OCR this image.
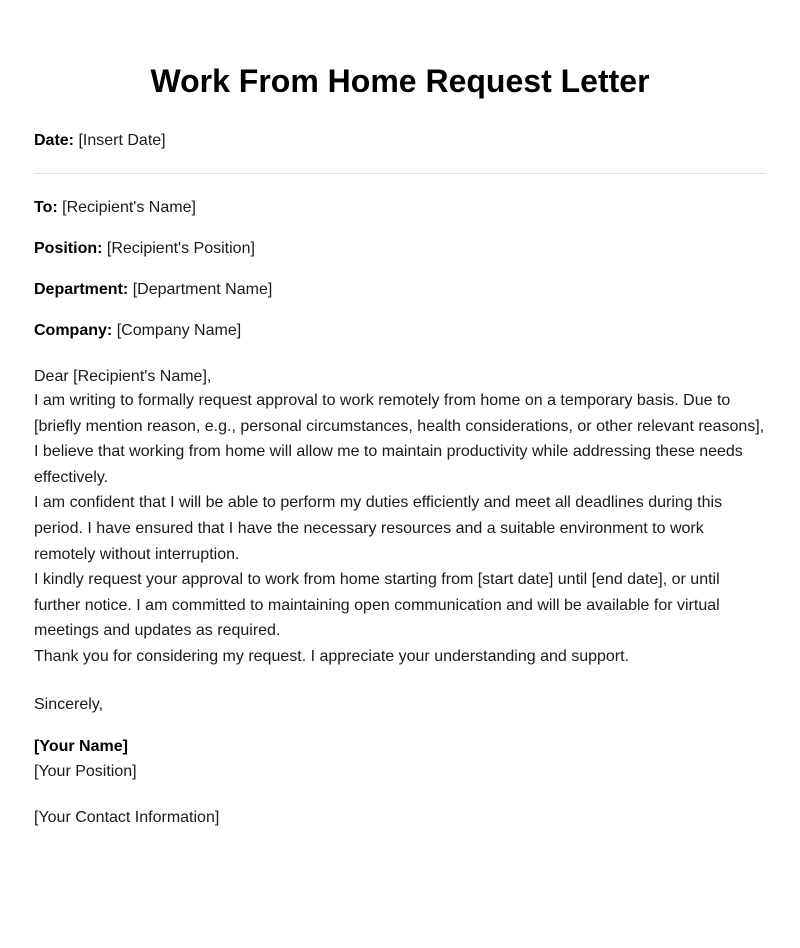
Work From Home Request Letter
Date: [Insert Date]
To: [Recipient's Name]
Position: [Recipient's Position]
Department: [Department Name]
Company: [Company Name]

Dear [Recipient's Name],

I am writing to formally request approval to work remotely from home on a temporary basis. Due to [briefly mention reason, e.g., personal circumstances, health considerations, or other relevant reasons], I believe that working from home will allow me to maintain productivity while addressing these needs effectively.

I am confident that I will be able to perform my duties efficiently and meet all deadlines during this period. I have ensured that I have the necessary resources and a suitable environment to work remotely without interruption.

I kindly request your approval to work from home starting from [start date] until [end date], or until further notice. I am committed to maintaining open communication and will be available for virtual meetings and updates as required.

Thank you for considering my request. I appreciate your understanding and support.

Sincerely,

[Your Name]

[Your Position]

[Your Contact Information]
